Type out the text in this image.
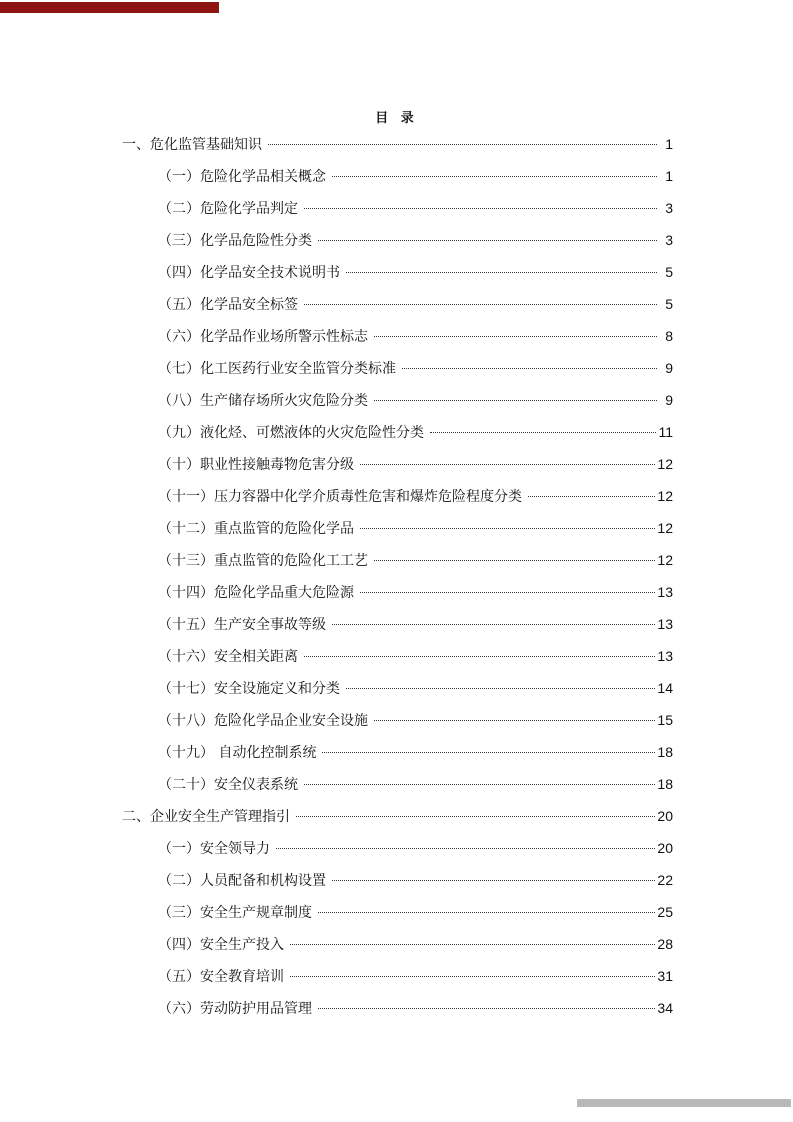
目 录
一、危化监管基础知识	1
（一）危险化学品相关概念	1
（二）危险化学品判定	3
（三）化学品危险性分类	3
（四）化学品安全技术说明书	5
（五）化学品安全标签	5
（六）化学品作业场所警示性标志	8
（七）化工医药行业安全监管分类标准	9
（八）生产储存场所火灾危险分类	9
（九）液化烃、可燃液体的火灾危险性分类	11
（十）职业性接触毒物危害分级	12
（十一）压力容器中化学介质毒性危害和爆炸危险程度分类	12
（十二）重点监管的危险化学品	12
（十三）重点监管的危险化工工艺	12
（十四）危险化学品重大危险源	13
（十五）生产安全事故等级	13
（十六）安全相关距离	13
（十七）安全设施定义和分类	14
（十八）危险化学品企业安全设施	15
（十九） 自动化控制系统	18
（二十）安全仪表系统	18
二、企业安全生产管理指引	20
（一）安全领导力	20
（二）人员配备和机构设置	22
（三）安全生产规章制度	25
（四）安全生产投入	28
（五）安全教育培训	31
（六）劳动防护用品管理	34
